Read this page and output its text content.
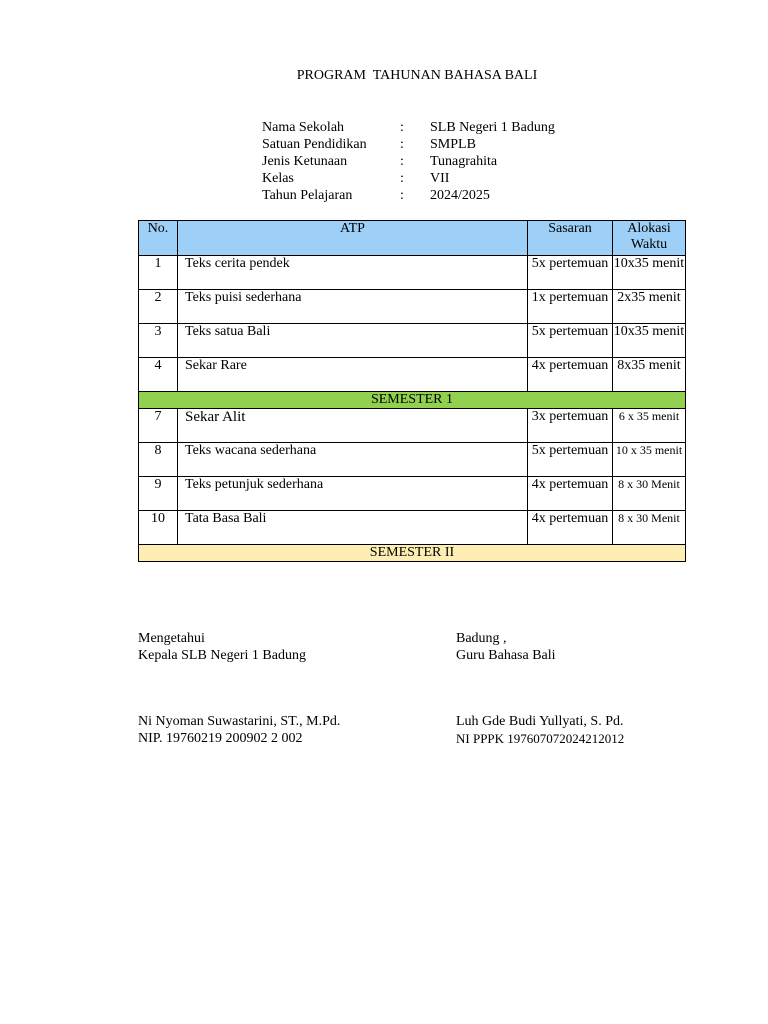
PROGRAM  TAHUNAN BAHASA BALI
Nama Sekolah	:	SLB Negeri 1 Badung
Satuan Pendidikan	:	SMPLB
Jenis Ketunaan	:	Tunagrahita
Kelas	:	VII
Tahun Pelajaran	:	2024/2025
No.	ATP	Sasaran	Alokasi Waktu
1	Teks cerita pendek	5x pertemuan	10x35 menit
2	Teks puisi sederhana	1x pertemuan	2x35 menit
3	Teks satua Bali	5x pertemuan	10x35 menit
4	Sekar Rare	4x pertemuan	8x35 menit
SEMESTER 1			
7	Sekar Alit	3x pertemuan	6 x 35 menit
8	Teks wacana sederhana	5x pertemuan	10 x 35 menit
9	Teks petunjuk sederhana	4x pertemuan	8 x 30 Menit
10	Tata Basa Bali	4x pertemuan	8 x 30 Menit
SEMESTER II			
Mengetahui
Kepala SLB Negeri 1 Badung
Badung ,
Guru Bahasa Bali
Ni Nyoman Suwastarini, ST., M.Pd.
NIP. 19760219 200902 2 002
Luh Gde Budi Yullyati, S. Pd.
NI PPPK 197607072024212012
